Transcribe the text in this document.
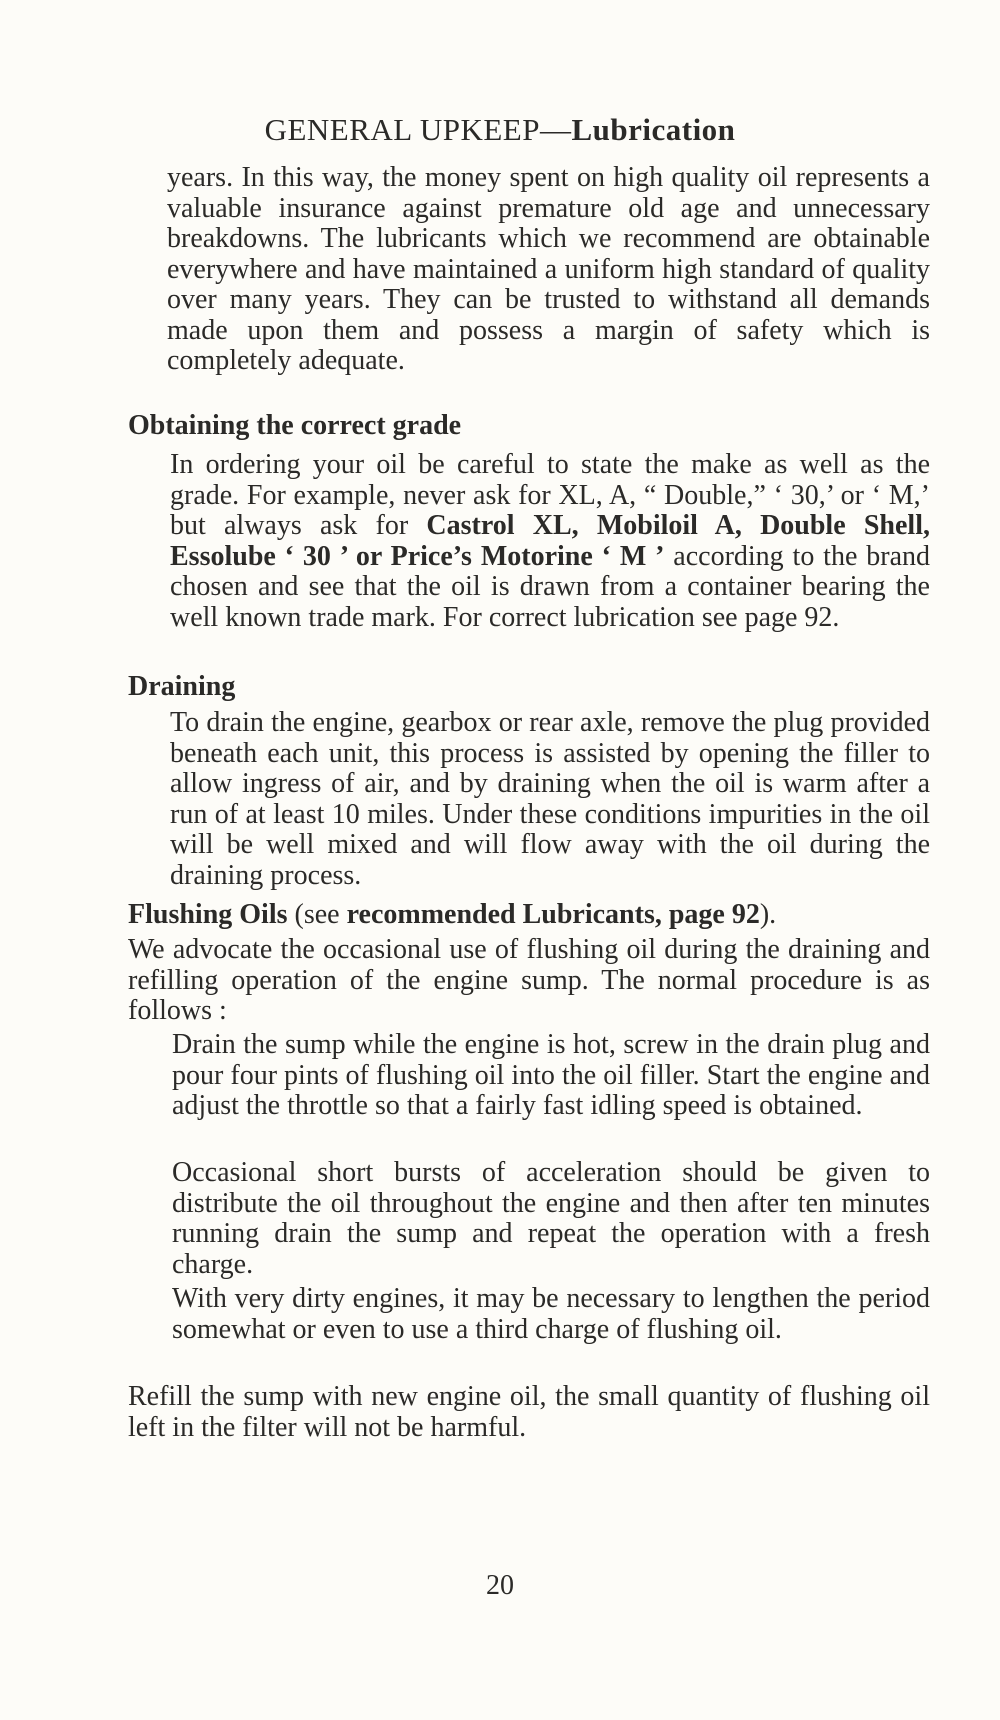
GENERAL UPKEEP—Lubrication
years. In this way, the money spent on high quality oil represents a valuable insurance against premature old age and unnecessary breakdowns. The lubricants which we recommend are obtainable everywhere and have maintained a uniform high standard of quality over many years. They can be trusted to withstand all demands made upon them and possess a margin of safety which is completely adequate.
Obtaining the correct grade
In ordering your oil be careful to state the make as well as the grade. For example, never ask for XL, A, “ Double,” ‘ 30,’ or ‘ M,’ but always ask for Castrol XL, Mobiloil A, Double Shell, Essolube ‘ 30 ’ or Price’s Motorine ‘ M ’ according to the brand chosen and see that the oil is drawn from a container bearing the well known trade mark. For correct lubrication see page 92.
Draining
To drain the engine, gearbox or rear axle, remove the plug provided beneath each unit, this process is assisted by opening the filler to allow ingress of air, and by draining when the oil is warm after a run of at least 10 miles. Under these conditions impurities in the oil will be well mixed and will flow away with the oil during the draining process.
Flushing Oils (see recommended Lubricants, page 92).
We advocate the occasional use of flushing oil during the draining and refilling operation of the engine sump. The normal procedure is as follows :
Drain the sump while the engine is hot, screw in the drain plug and pour four pints of flushing oil into the oil filler. Start the engine and adjust the throttle so that a fairly fast idling speed is obtained.
Occasional short bursts of acceleration should be given to distribute the oil throughout the engine and then after ten minutes running drain the sump and repeat the operation with a fresh charge.
With very dirty engines, it may be necessary to lengthen the period somewhat or even to use a third charge of flushing oil.
Refill the sump with new engine oil, the small quantity of flushing oil left in the filter will not be harmful.
20
